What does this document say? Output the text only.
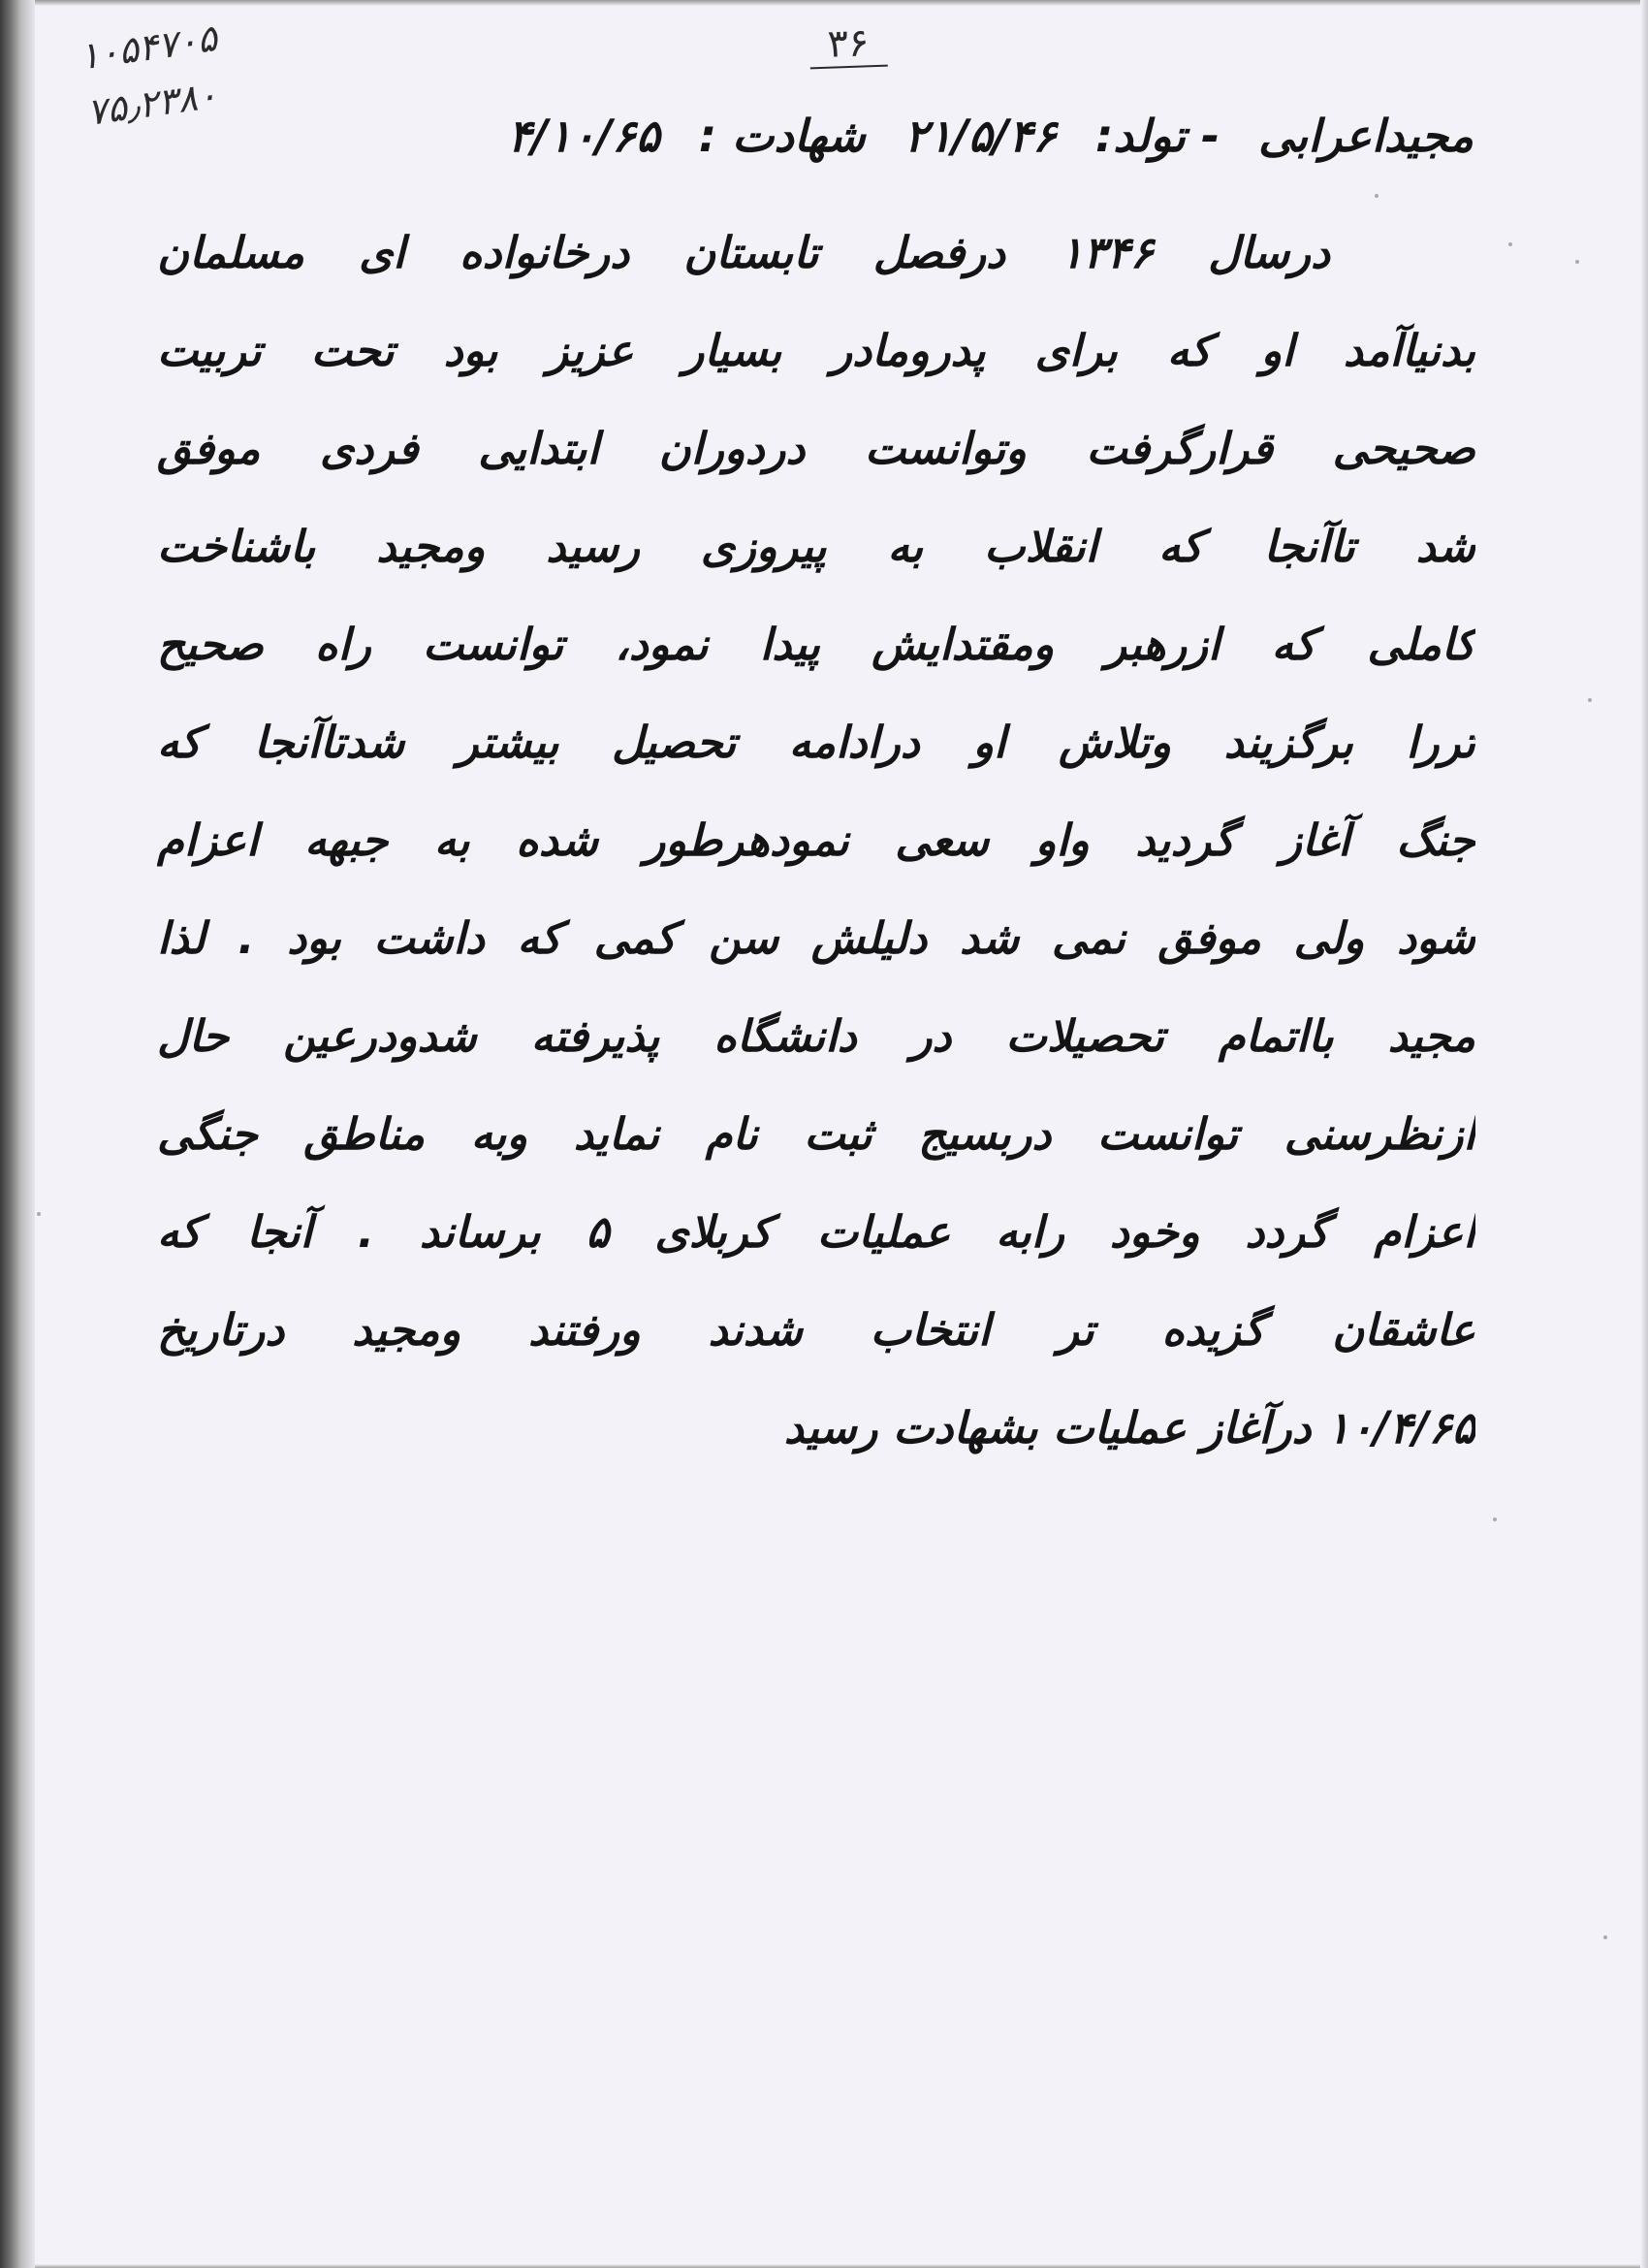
۱۰۵۴۷۰۵
۷۵٫۲۳۸۰
۳۶
مجیداعرابی - تولد: ۲۱/۵/۴۶ شهادت : ۴/۱۰/۶۵
درسال ۱۳۴۶ درفصل تابستان درخانواده ای مسلمان
بدنیاآمد او که برای پدرومادر بسیار عزیز بود تحت تربیت
صحیحی قرارگرفت وتوانست دردوران ابتدایی فردی موفق
شد تاآنجا که انقلاب به پیروزی رسید ومجید باشناخت
کاملی که ازرهبر ومقتدایش پیدا نمود، توانست راه صحیح
تررا برگزیند وتلاش او درادامه تحصیل بیشتر شدتاآنجا که
جنگ آغاز گردید واو سعی نمودهرطور شده به جبهه اعزام
شود ولی موفق نمی شد دلیلش سن کمی که داشت بود . لذا
مجید بااتمام تحصیلات در دانشگاه پذیرفته شدودرعین حال
ازنظرسنی توانست دربسیج ثبت نام نماید وبه مناطق جنگی
اعزام گردد وخود رابه عملیات کربلای ۵ برساند . آنجا که
عاشقان گزیده تر انتخاب شدند ورفتند ومجید درتاریخ
۱۰/۴/۶۵ درآغاز عملیات بشهادت رسید
